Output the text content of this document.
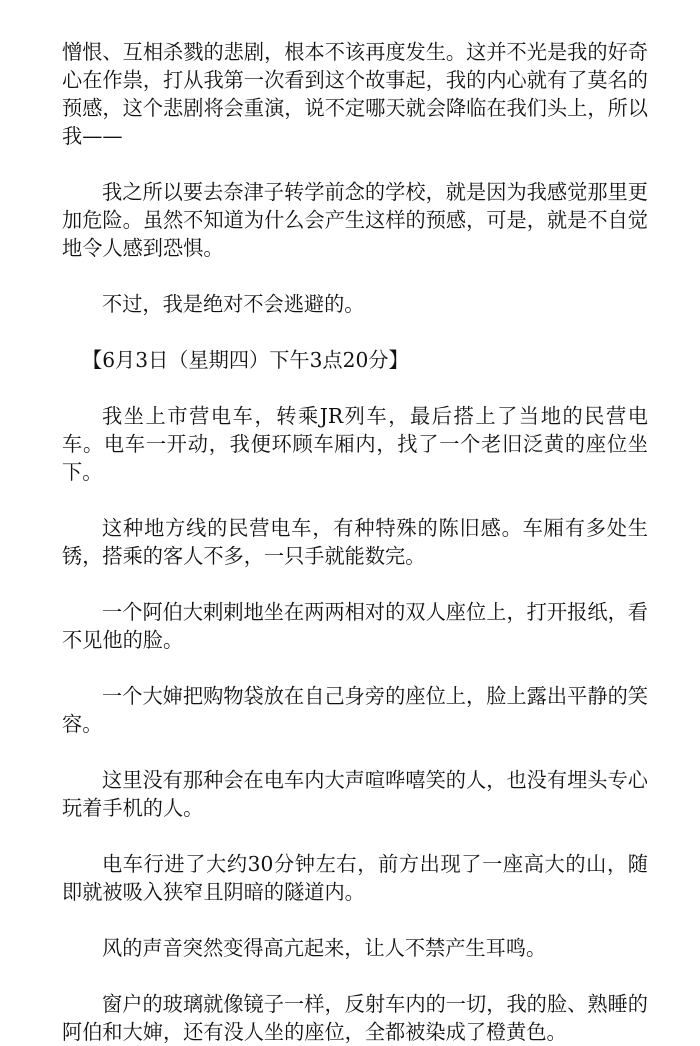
憎恨、互相杀戮的悲剧，根本不该再度发生。这并不光是我的好奇心在作祟，打从我第一次看到这个故事起，我的内心就有了莫名的预感，这个悲剧将会重演，说不定哪天就会降临在我们头上，所以我——

我之所以要去奈津子转学前念的学校，就是因为我感觉那里更加危险。虽然不知道为什么会产生这样的预感，可是，就是不自觉地令人感到恐惧。

不过，我是绝对不会逃避的。

【6月3日（星期四）下午3点20分】

我坐上市营电车，转乘JR列车，最后搭上了当地的民营电车。电车一开动，我便环顾车厢内，找了一个老旧泛黄的座位坐下。

这种地方线的民营电车，有种特殊的陈旧感。车厢有多处生锈，搭乘的客人不多，一只手就能数完。

一个阿伯大剌剌地坐在两两相对的双人座位上，打开报纸，看不见他的脸。

一个大婶把购物袋放在自己身旁的座位上，脸上露出平静的笑容。

这里没有那种会在电车内大声喧哗嘻笑的人，也没有埋头专心玩着手机的人。

电车行进了大约30分钟左右，前方出现了一座高大的山，随即就被吸入狭窄且阴暗的隧道内。

风的声音突然变得高亢起来，让人不禁产生耳鸣。

窗户的玻璃就像镜子一样，反射车内的一切，我的脸、熟睡的阿伯和大婶，还有没人坐的座位，全都被染成了橙黄色。
